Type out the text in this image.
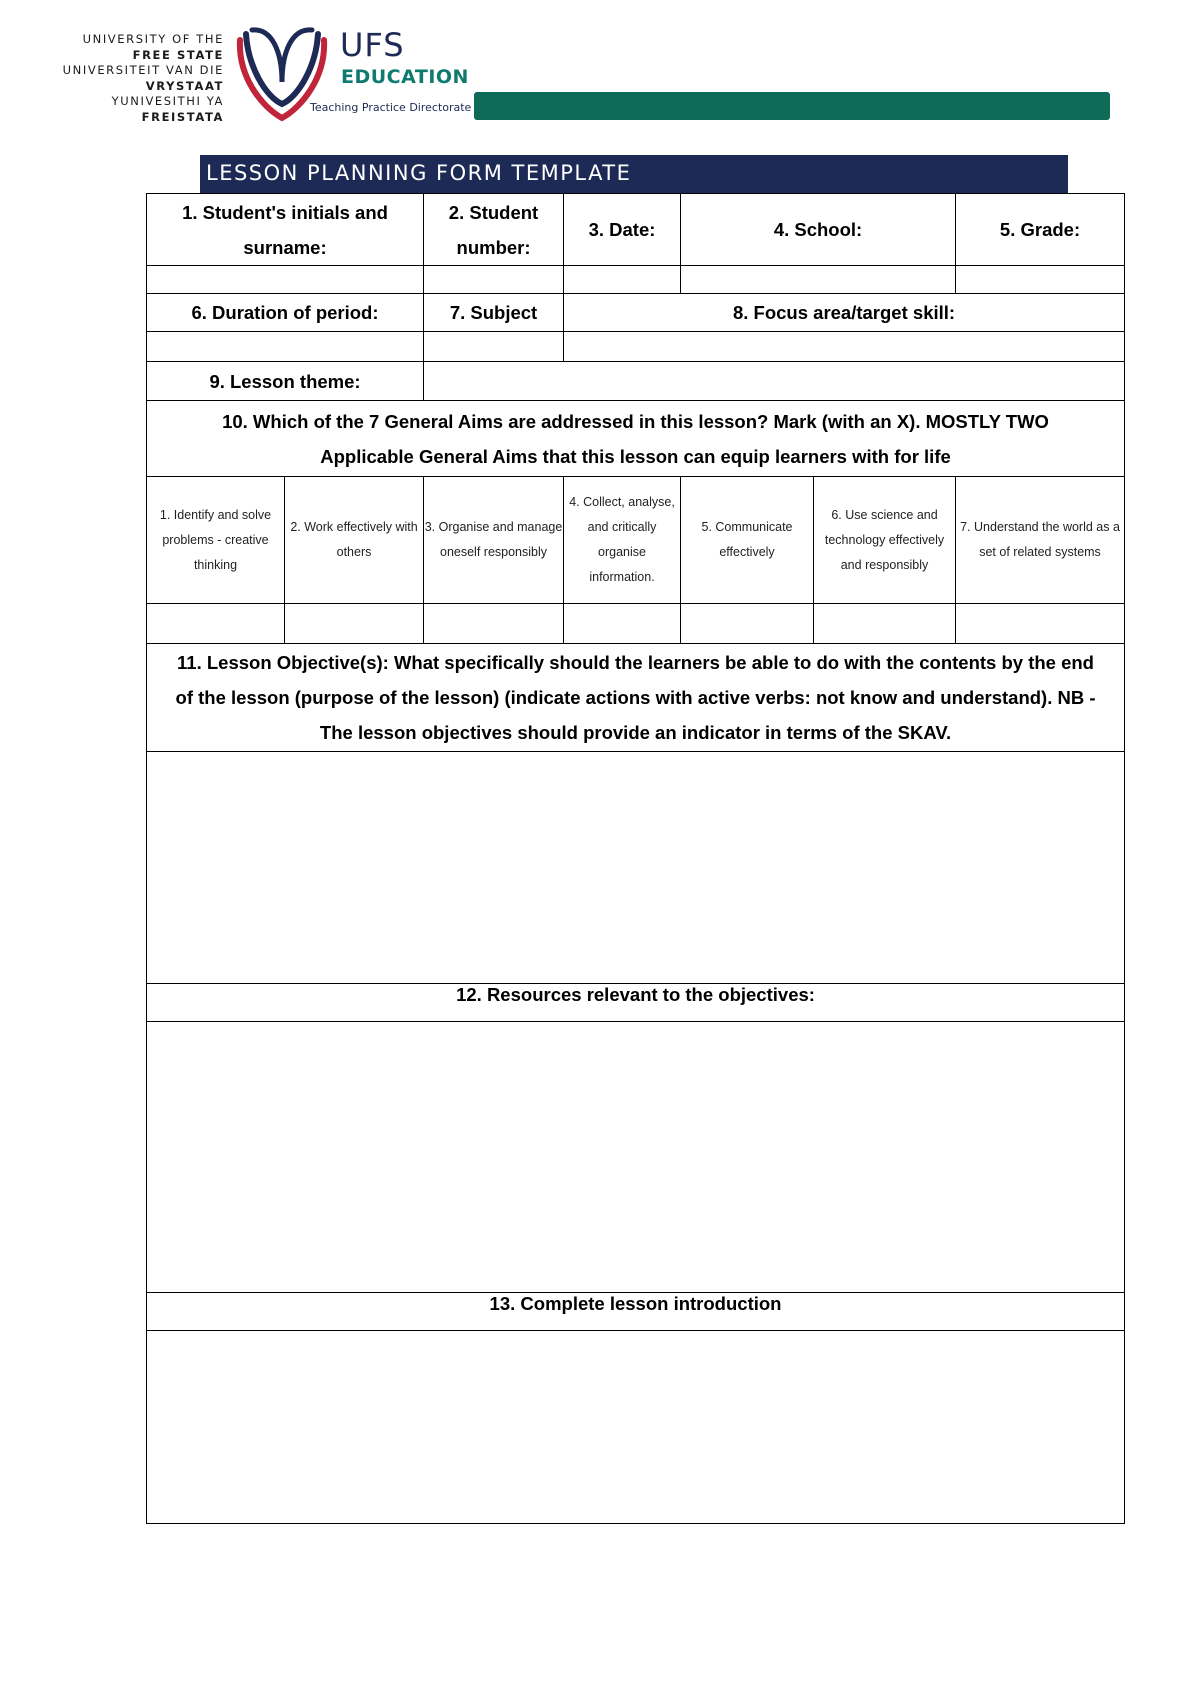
UNIVERSITY OF THE
FREE STATE
UNIVERSITEIT VAN DIE
VRYSTAAT
YUNIVESITHI YA
FREISTATA
UFS
EDUCATION
Teaching Practice Directorate
LESSON PLANNING FORM TEMPLATE
1. Student's initials and surname:		2. Student number:	3. Date:	4. School:		5. Grade:

6. Duration of period:		7. Subject	8. Focus area/target skill:			

9. Lesson theme:						
10. Which of the 7 General Aims are addressed in this lesson? Mark (with an X). MOSTLY TWO Applicable General Aims that this lesson can equip learners with for life						
1. Identify and solve problems - creative thinking	2. Work effectively with others	3. Organise and manage oneself responsibly	4. Collect, analyse, and critically organise information.	5. Communicate effectively	6. Use science and technology effectively and responsibly	7. Understand the world as a set of related systems

11. Lesson Objective(s): What specifically should the learners be able to do with the contents by the end of the lesson (purpose of the lesson) (indicate actions with active verbs: not know and understand). NB - The lesson objectives should provide an indicator in terms of the SKAV.						

12. Resources relevant to the objectives:						

13. Complete lesson introduction						
